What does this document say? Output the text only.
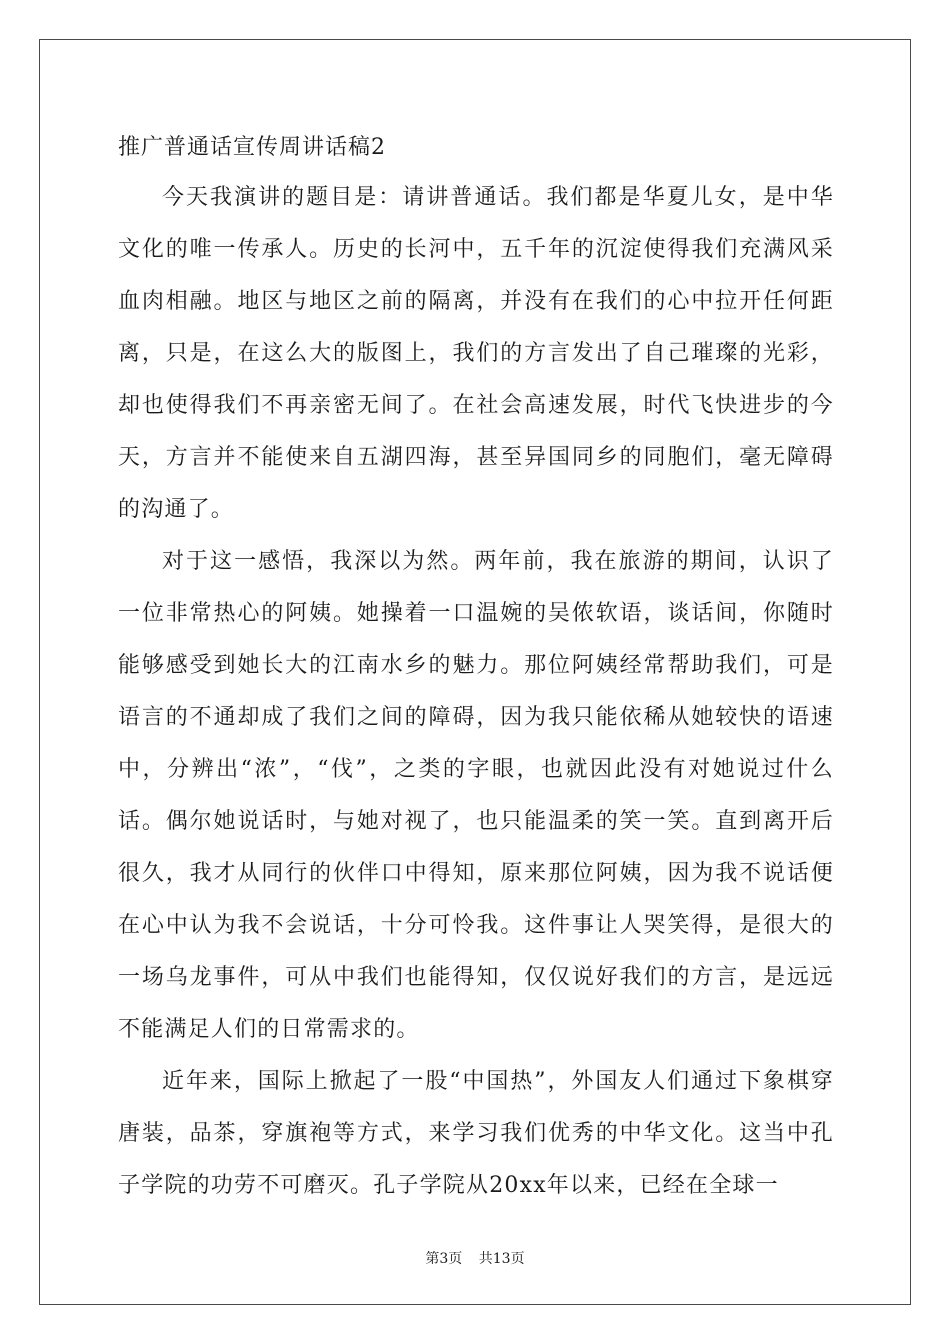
推广普通话宣传周讲话稿2

今天我演讲的题目是：请讲普通话。我们都是华夏儿女，是中华文化的唯一传承人。历史的长河中，五千年的沉淀使得我们充满风采血肉相融。地区与地区之前的隔离，并没有在我们的心中拉开任何距离，只是，在这么大的版图上，我们的方言发出了自己璀璨的光彩，却也使得我们不再亲密无间了。在社会高速发展，时代飞快进步的今天，方言并不能使来自五湖四海，甚至异国同乡的同胞们，毫无障碍的沟通了。

对于这一感悟，我深以为然。两年前，我在旅游的期间，认识了一位非常热心的阿姨。她操着一口温婉的吴侬软语，谈话间，你随时能够感受到她长大的江南水乡的魅力。那位阿姨经常帮助我们，可是语言的不通却成了我们之间的障碍，因为我只能依稀从她较快的语速中，分辨出“浓”，“伐”，之类的字眼，也就因此没有对她说过什么话。偶尔她说话时，与她对视了，也只能温柔的笑一笑。直到离开后很久，我才从同行的伙伴口中得知，原来那位阿姨，因为我不说话便在心中认为我不会说话，十分可怜我。这件事让人哭笑得，是很大的一场乌龙事件，可从中我们也能得知，仅仅说好我们的方言，是远远不能满足人们的日常需求的。

近年来，国际上掀起了一股“中国热”，外国友人们通过下象棋穿唐装，品茶，穿旗袍等方式，来学习我们优秀的中华文化。这当中孔子学院的功劳不可磨灭。孔子学院从20xx年以来，已经在全球一

第3页 共13页
